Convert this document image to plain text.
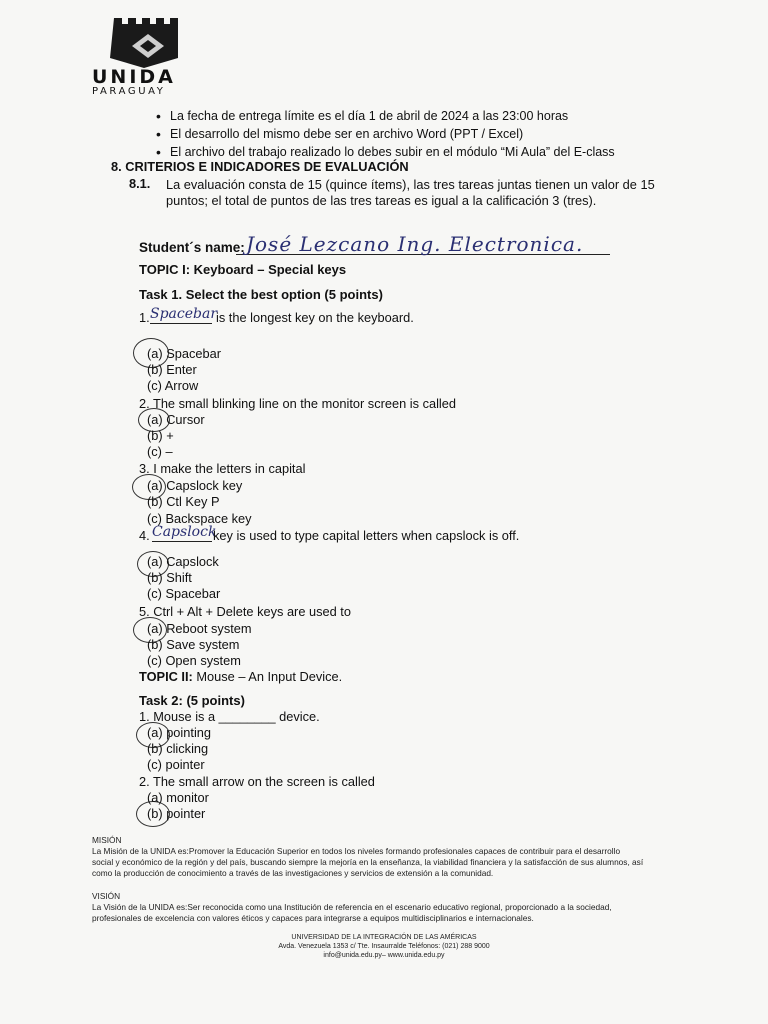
UNIDA
PARAGUAY
• La fecha de entrega límite es el día 1 de abril de 2024 a las 23:00 horas
• El desarrollo del mismo debe ser en archivo Word (PPT / Excel)
• El archivo del trabajo realizado lo debes subir en el módulo “Mi Aula” del E-class
8. CRITERIOS E INDICADORES DE EVALUACIÓN
8.1. La evaluación consta de 15 (quince ítems), las tres tareas juntas tienen un valor de 15
puntos; el total de puntos de las tres tareas es igual a la calificación 3 (tres).
Student´s name: José Lezcano Ing. Electronica.
TOPIC I: Keyboard – Special keys
Task 1. Select the best option (5 points)
1. Spacebar
is the longest key on the keyboard.
(a) Spacebar
(b) Enter
(c) Arrow
2. The small blinking line on the monitor screen is called
(a) Cursor
(b) +
(c) –
3. I make the letters in capital
(a) Capslock key
(b) Ctl Key P
(c) Backspace key
4. Capslock
key is used to type capital letters when capslock is off.
(a) Capslock
(b) Shift
(c) Spacebar
5. Ctrl + Alt + Delete keys are used to
(a) Reboot system
(b) Save system
(c) Open system
TOPIC II: Mouse – An Input Device.
Task 2: (5 points)
1. Mouse is a ________ device.
(a) pointing
(b) clicking
(c) pointer
2. The small arrow on the screen is called
(a) monitor
(b) pointer
MISIÓN
La Misión de la UNIDA es:Promover la Educación Superior en todos los niveles formando profesionales capaces de contribuir para el desarrollo
social y económico de la región y del país, buscando siempre la mejoría en la enseñanza, la viabilidad financiera y la satisfacción de sus alumnos, así
como la producción de conocimiento a través de las investigaciones y servicios de extensión a la comunidad.
VISIÓN
La Visión de la UNIDA es:Ser reconocida como una Institución de referencia en el escenario educativo regional, proporcionado a la sociedad,
profesionales de excelencia con valores éticos y capaces para integrarse a equipos multidisciplinarios e internacionales.
UNIVERSIDAD DE LA INTEGRACIÓN DE LAS AMÉRICAS
Avda. Venezuela 1353 c/ Tte. Insaurralde Teléfonos: (021) 288 9000
info@unida.edu.py– www.unida.edu.py
